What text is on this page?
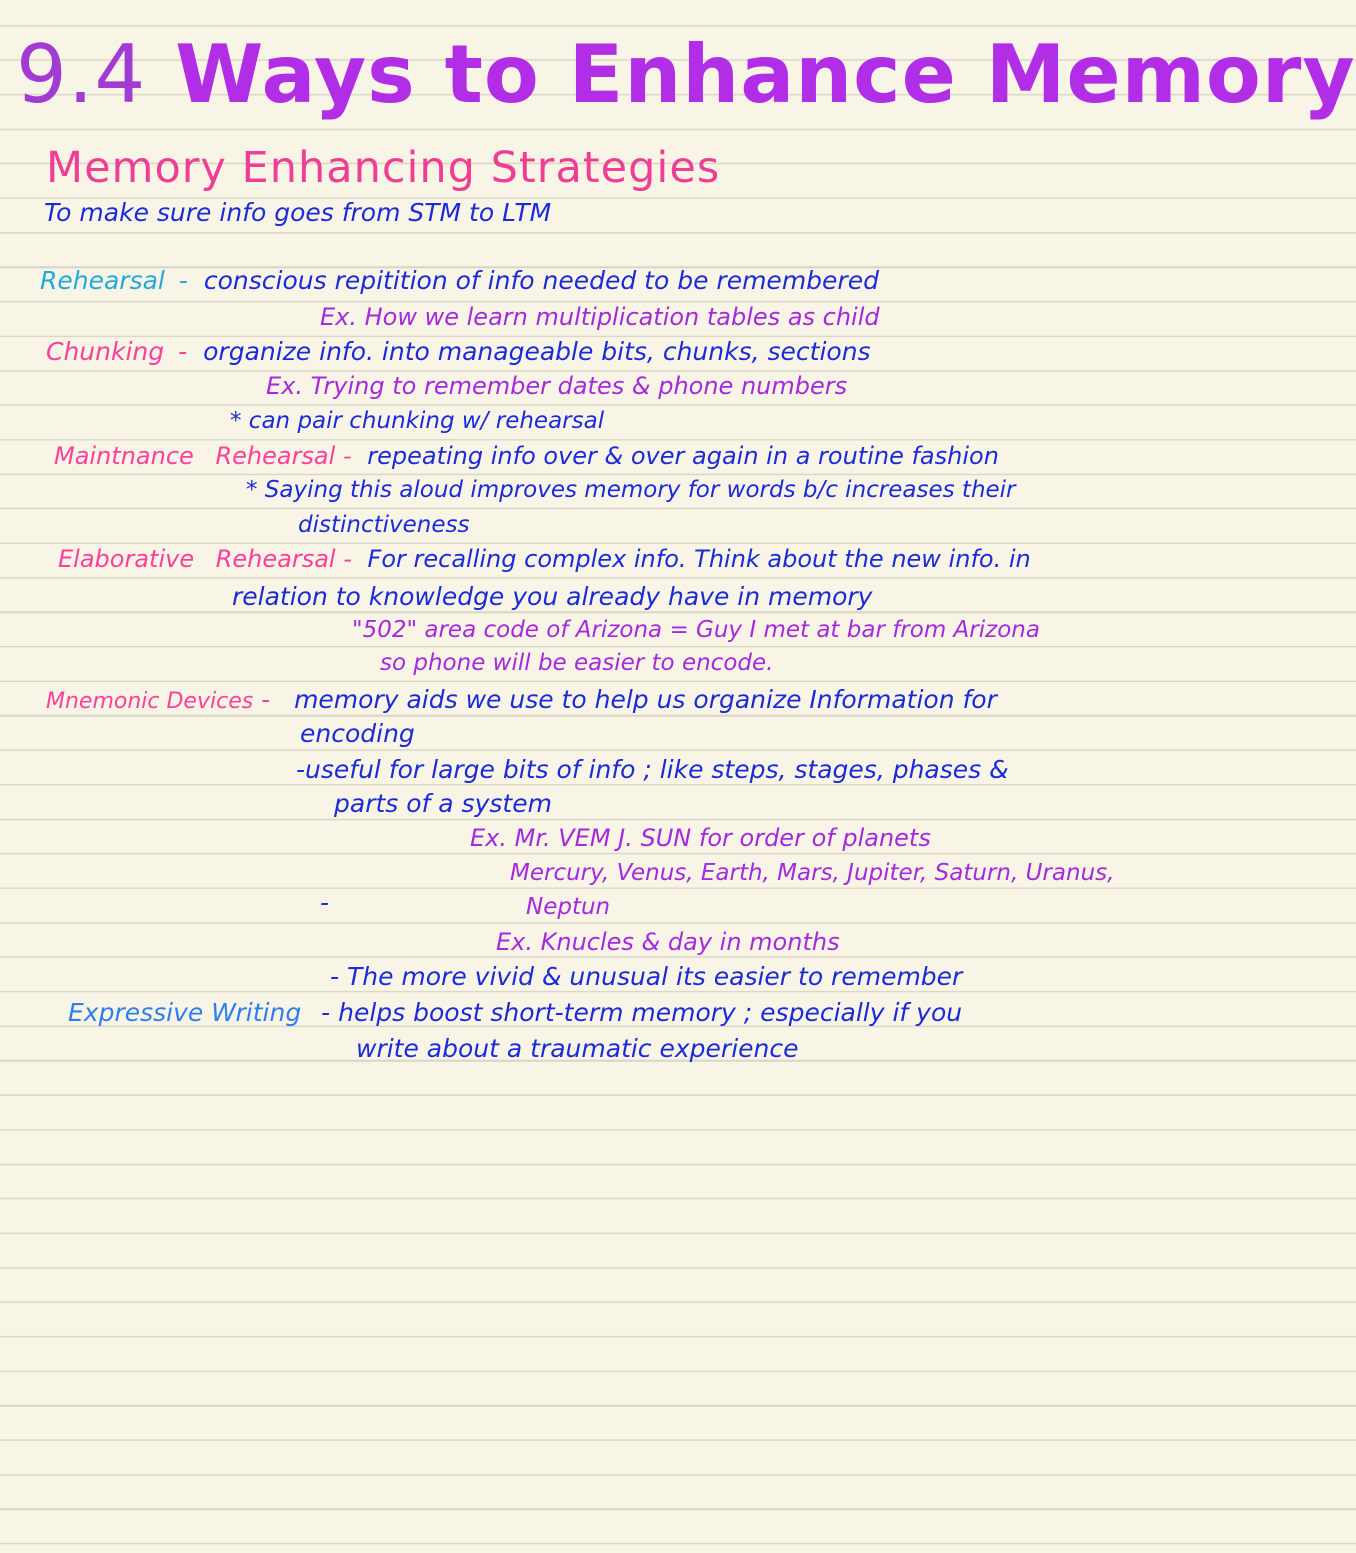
9.4 Ways to Enhance Memory
Memory Enhancing Strategies
To make sure info goes from STM to LTM
Rehearsal - conscious repitition of info needed to be remembered
Ex. How we learn multiplication tables as child
Chunking - organize info. into manageable bits, chunks, sections
Ex. Trying to remember dates & phone numbers
* can pair chunking w/ rehearsal
Maintnance Rehearsal - repeating info over & over again in a routine fashion
* Saying this aloud improves memory for words b/c increases their
distinctiveness
Elaborative Rehearsal - For recalling complex info. Think about the new info. in
relation to knowledge you already have in memory
"502" area code of Arizona = Guy I met at bar from Arizona
so phone will be easier to encode.
Mnemonic Devices -  memory aids we use to help us organize Information for
encoding
-useful for large bits of info ; like steps, stages, phases &
parts of a system
Ex. Mr. VEM J. SUN for order of planets
Mercury, Venus, Earth, Mars, Jupiter, Saturn, Uranus,
-	Neptun
Ex. Knucles & day in months
- The more vivid & unusual its easier to remember
Expressive Writing - helps boost short-term memory ; especially if you
write about a traumatic experience
